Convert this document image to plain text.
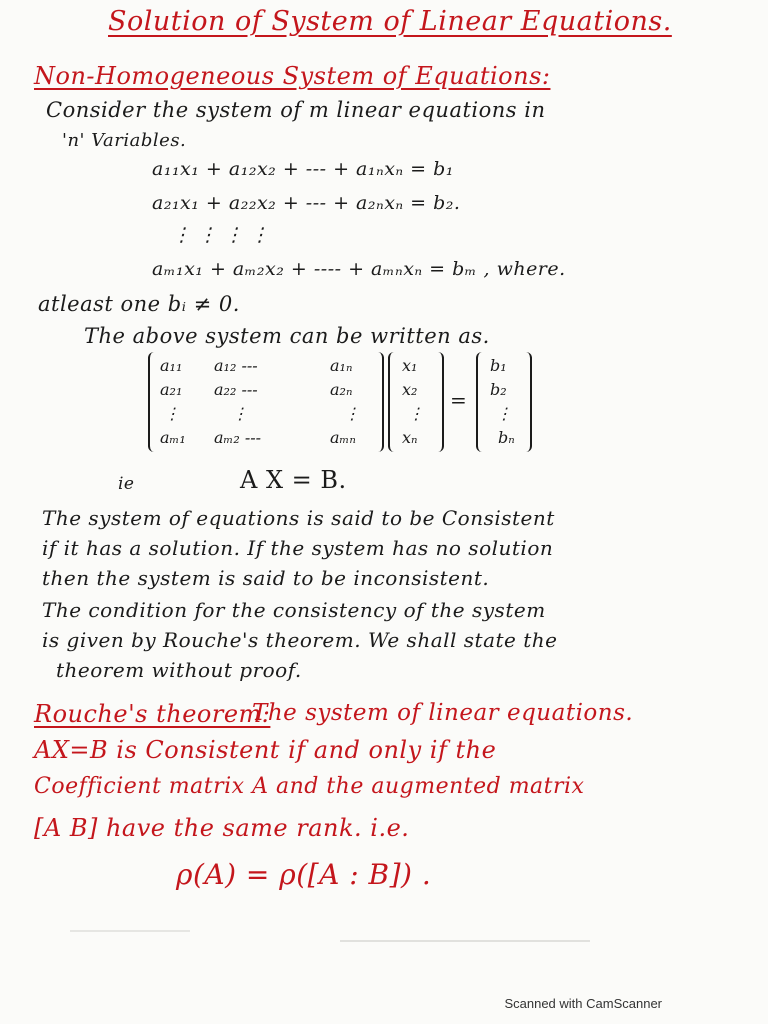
Solution of System of Linear Equations.
Non-Homogeneous System of Equations:
Consider the system of m linear equations in
'n' Variables.
a₁₁x₁ + a₁₂x₂ + --- + a₁ₙxₙ = b₁
a₂₁x₁ + a₂₂x₂ + --- + a₂ₙxₙ = b₂.
⋮ ⋮ ⋮ ⋮
aₘ₁x₁ + aₘ₂x₂ + ---- + aₘₙxₙ = bₘ , where.
atleast one bᵢ ≠ 0.
The above system can be written as.
a₁₁ a₁₂ ---	a₁ₙ
a₂₁ a₂₂ ---	a₂ₙ
⋮	⋮	⋮
aₘ₁ aₘ₂ ---	aₘₙ
x₁
x₂
⋮
xₙ
=
b₁
b₂
⋮
bₙ
ie	A X = B.
The system of equations is said to be Consistent
if it has a solution. If the system has no solution
then the system is said to be inconsistent.
The condition for the consistency of the system
is given by Rouche's theorem. We shall state the
theorem without proof.
Rouche's theorem:
The system of linear equations.
AX=B is Consistent if and only if the
Coefficient matrix A and the augmented matrix
[A B] have the same rank. i.e.
ρ(A) = ρ([A : B]) .
Scanned with CamScanner
